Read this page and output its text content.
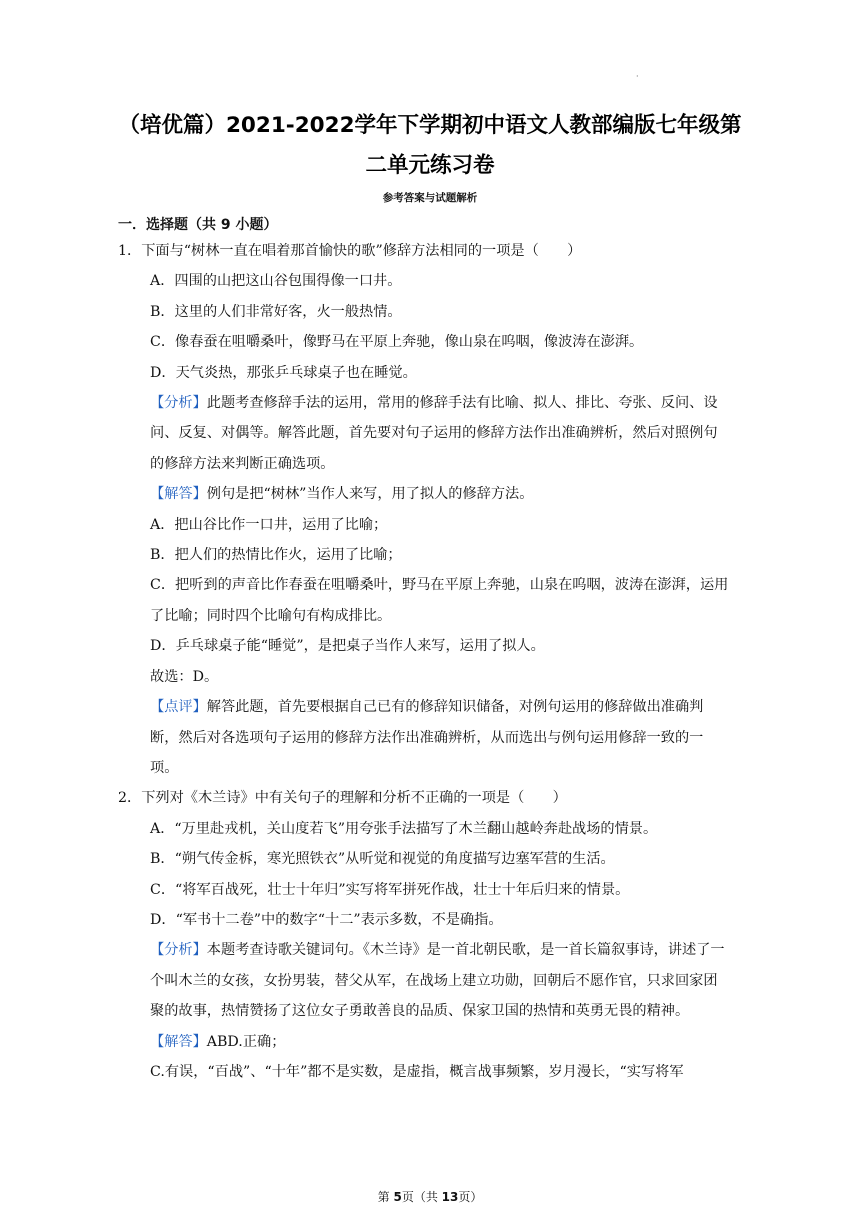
·
（培优篇）2021-2022学年下学期初中语文人教部编版七年级第
二单元练习卷
参考答案与试题解析
一．选择题（共 9 小题）

1．下面与“树林一直在唱着那首愉快的歌”修辞方法相同的一项是（　　）

A．四围的山把这山谷包围得像一口井。

B．这里的人们非常好客，火一般热情。

C．像春蚕在咀嚼桑叶，像野马在平原上奔驰，像山泉在呜咽，像波涛在澎湃。

D．天气炎热，那张乒乓球桌子也在睡觉。

【分析】此题考查修辞手法的运用，常用的修辞手法有比喻、拟人、排比、夸张、反问、设问、反复、对偶等。解答此题，首先要对句子运用的修辞方法作出准确辨析，然后对照例句的修辞方法来判断正确选项。

【解答】例句是把“树林”当作人来写，用了拟人的修辞方法。

A．把山谷比作一口井，运用了比喻；

B．把人们的热情比作火，运用了比喻；

C．把听到的声音比作春蚕在咀嚼桑叶，野马在平原上奔驰，山泉在呜咽，波涛在澎湃，运用了比喻；同时四个比喻句有构成排比。

D．乒乓球桌子能“睡觉”，是把桌子当作人来写，运用了拟人。

故选：D。

【点评】解答此题，首先要根据自己已有的修辞知识储备，对例句运用的修辞做出准确判断，然后对各选项句子运用的修辞方法作出准确辨析，从而选出与例句运用修辞一致的一项。

2．下列对《木兰诗》中有关句子的理解和分析不正确的一项是（　　）

A．“万里赴戎机，关山度若飞”用夸张手法描写了木兰翻山越岭奔赴战场的情景。

B．“朔气传金柝，寒光照铁衣”从听觉和视觉的角度描写边塞军营的生活。

C．“将军百战死，壮士十年归”实写将军拼死作战，壮士十年后归来的情景。

D．“军书十二卷”中的数字“十二”表示多数，不是确指。

【分析】本题考查诗歌关键词句。《木兰诗》是一首北朝民歌，是一首长篇叙事诗，讲述了一个叫木兰的女孩，女扮男装，替父从军，在战场上建立功勋，回朝后不愿作官，只求回家团聚的故事，热情赞扬了这位女子勇敢善良的品质、保家卫国的热情和英勇无畏的精神。

【解答】ABD.正确；

C.有误，“百战”、“十年”都不是实数，是虚指，概言战事频繁，岁月漫长，“实写将军

第 5页（共 13页）
